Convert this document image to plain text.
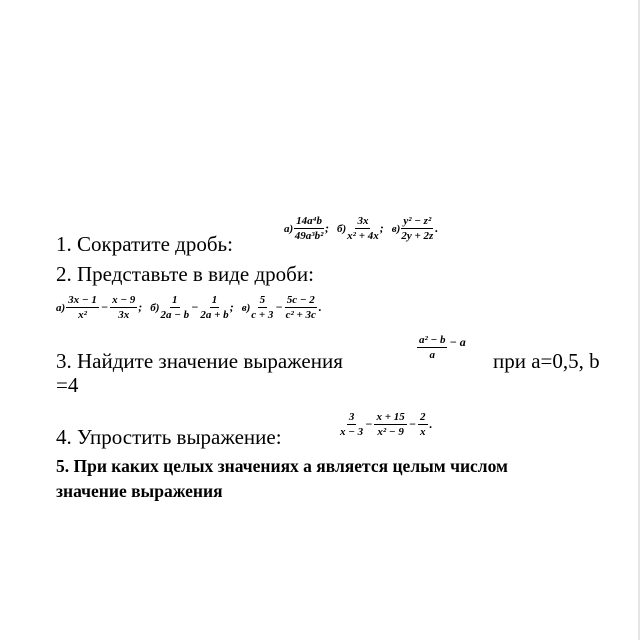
1. Сократите дробь:
$а) \frac{\text{14a⁴b}}{\text{49a³b²}}$ ; $б) \frac{3x}{\text{x² + 4x}}$ ; $в) \frac{\text{y² − z²}}{2y + 2z}$ .
2. Представьте в виде дроби:
$а) \frac{3x - 1}{\text{x²}} - \frac{x - 9}{3x}$ ; $б) \frac{1}{2a - b} - \frac{1}{2a + b}$ ; $в) \frac{5}{c + 3} - \frac{5c - 2}{\text{c² + 3c}}$ .
3. Найдите значение выражения	$\frac{\text{a² − b}}{a} - a$
при a=0,5, b
=4
4. Упростить выражение:	$\frac{3}{x - 3} - \frac{x + 15}{\text{x² − 9}} - \frac{2}{x}$ .
5. При каких целых значениях а является целым числом
значение выражения
